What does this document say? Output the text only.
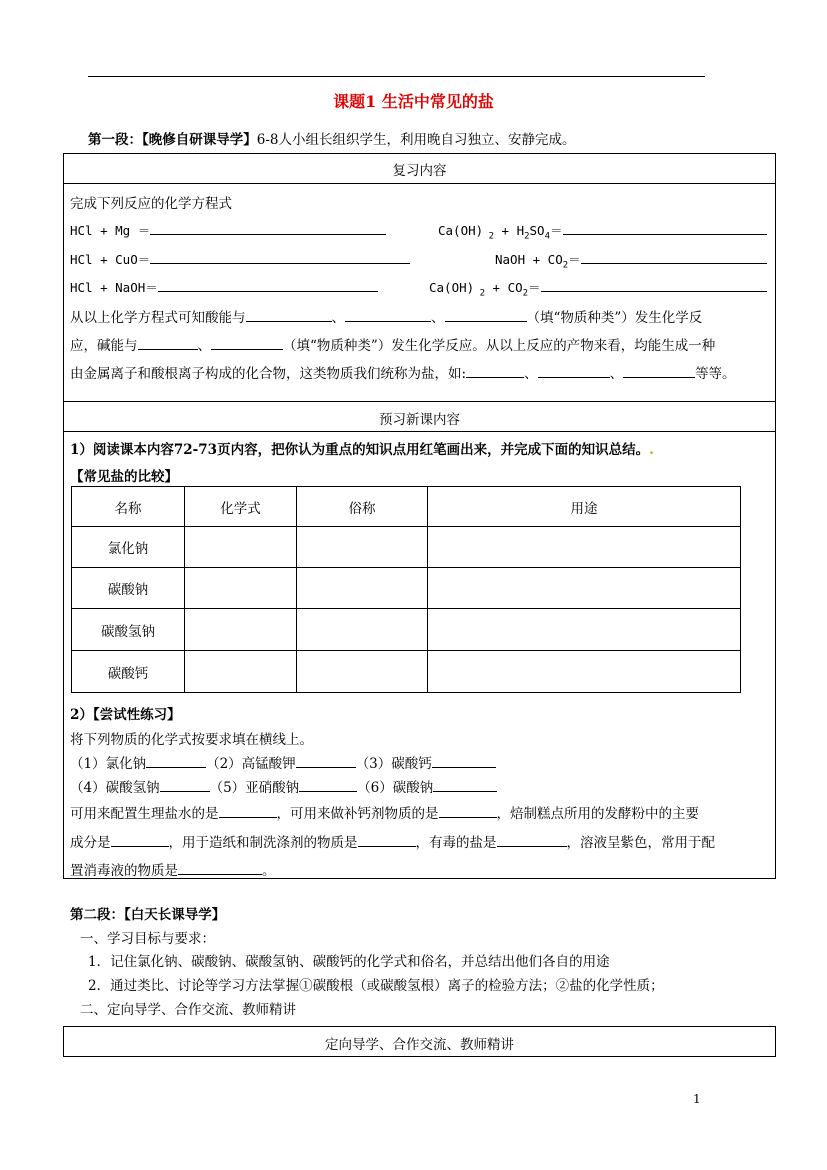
课题1 生活中常见的盐
第一段：【晚修自研课导学】6-8人小组长组织学生，利用晚自习独立、安静完成。
复习内容
完成下列反应的化学方程式
HCl + Mg ＝	Ca(OH) $_2 + H_2SO_4=$
HCl + CuO＝	NaOH + $CO_2=$
HCl + NaOH＝	Ca(OH) $_2 + CO_2=$
从以上化学方程式可知酸能与	、	、	（填“物质种类”）发生化学反
应，碱能与	、	（填“物质种类”）发生化学反应。从以上反应的产物来看，均能生成一种
由金属离子和酸根离子构成的化合物，这类物质我们统称为盐，如:	、	、	等等。
预习新课内容
1）阅读课本内容72-73页内容，把你认为重点的知识点用红笔画出来，并完成下面的知识总结。.
【常见盐的比较】
名称	化学式	俗称	用途
氯化钠			
碳酸钠			
碳酸氢钠			
碳酸钙			
2）【尝试性练习】
将下列物质的化学式按要求填在横线上。
（1）氯化钠	（2）高锰酸钾	（3）碳酸钙
（4）碳酸氢钠	（5）亚硝酸钠	（6）碳酸钠
可用来配置生理盐水的是	，可用来做补钙剂物质的是	，焙制糕点所用的发酵粉中的主要
成分是	，用于造纸和制洗涤剂的物质是	，有毒的盐是	，溶液呈紫色，常用于配
置消毒液的物质是	。
第二段：【白天长课导学】
一、学习目标与要求：
1．记住氯化钠、碳酸钠、碳酸氢钠、碳酸钙的化学式和俗名，并总结出他们各自的用途
2．通过类比、讨论等学习方法掌握①碳酸根（或碳酸氢根）离子的检验方法；②盐的化学性质；
二、定向导学、合作交流、教师精讲
定向导学、合作交流、教师精讲
1
